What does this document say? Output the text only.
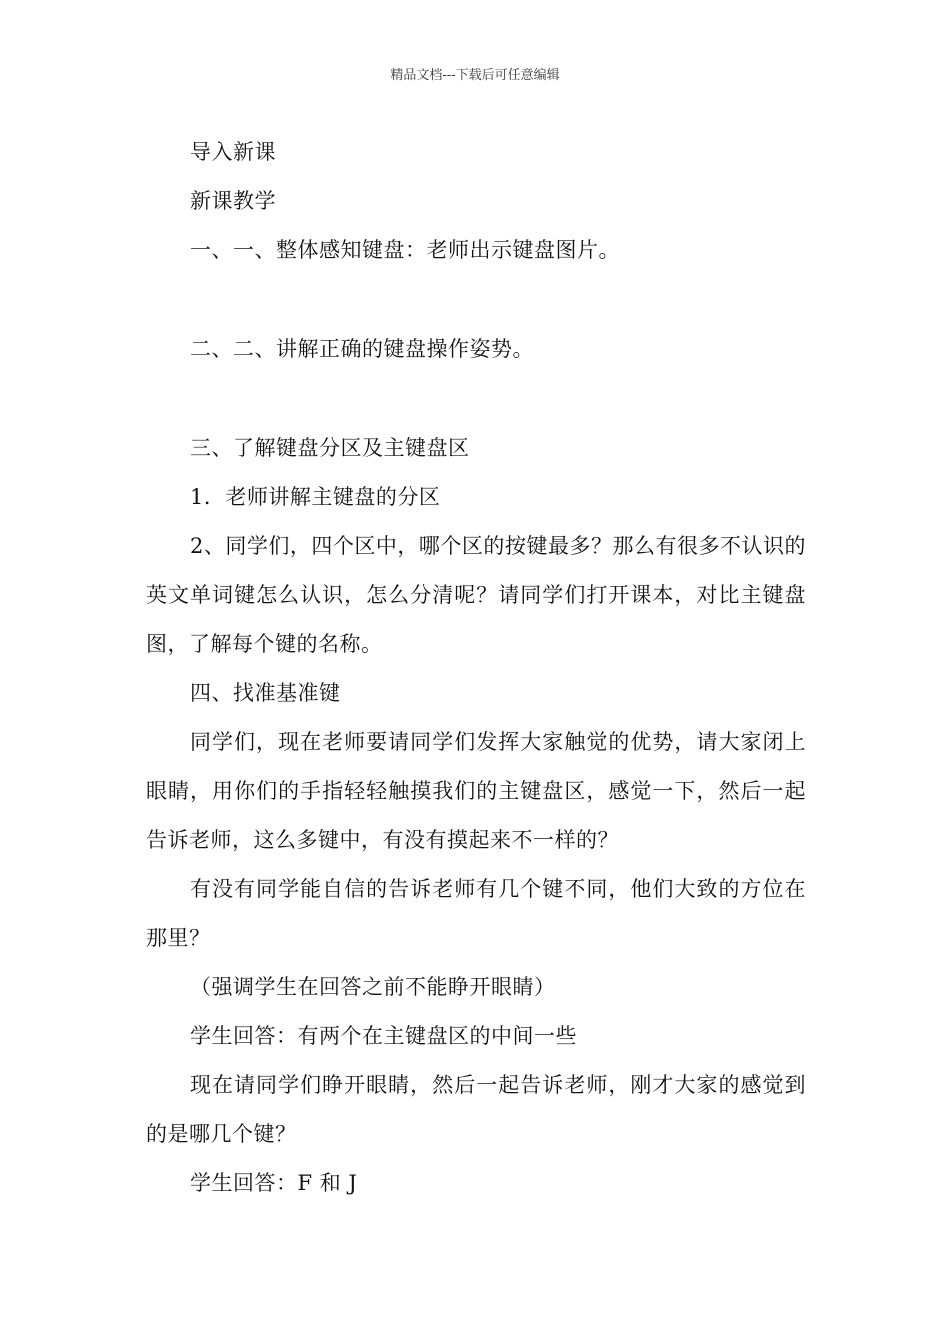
精品文档---下载后可任意编辑

导入新课

新课教学

一、一、整体感知键盘：老师出示键盘图片。

二、二、讲解正确的键盘操作姿势。

三、了解键盘分区及主键盘区

1．老师讲解主键盘的分区

2、同学们，四个区中，哪个区的按键最多？那么有很多不认识的英文单词键怎么认识，怎么分清呢？请同学们打开课本，对比主键盘图，了解每个键的名称。

四、找准基准键

同学们，现在老师要请同学们发挥大家触觉的优势，请大家闭上眼睛，用你们的手指轻轻触摸我们的主键盘区，感觉一下，然后一起告诉老师，这么多键中，有没有摸起来不一样的？

有没有同学能自信的告诉老师有几个键不同，他们大致的方位在那里？

（强调学生在回答之前不能睁开眼睛）

学生回答：有两个在主键盘区的中间一些

现在请同学们睁开眼睛，然后一起告诉老师，刚才大家的感觉到的是哪几个键？

学生回答：F 和 J
